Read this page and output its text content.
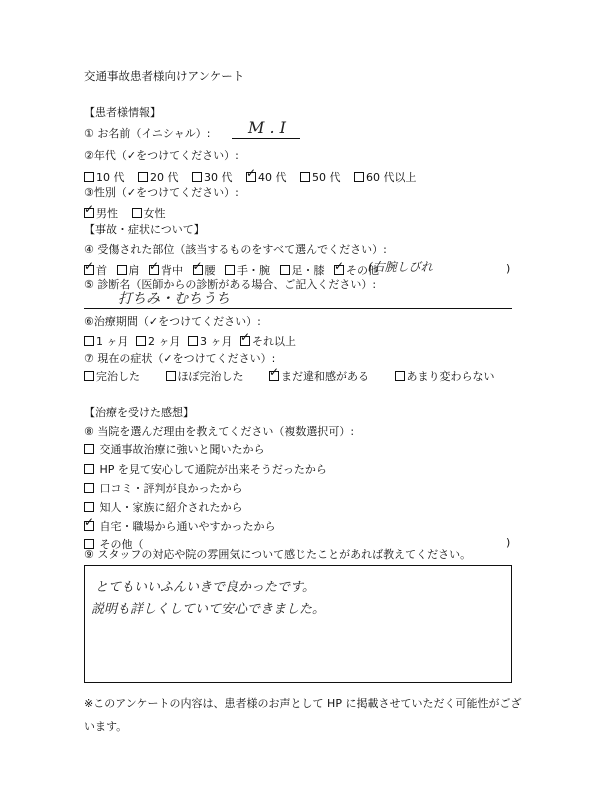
交通事故患者様向けアンケート
【患者様情報】
① お名前（イニシャル）: M . I
②年代（✓をつけてください）:
10 代 20 代 30 代 ✓ 40 代 50 代 60 代以上
③性別（✓をつけてください）:
✓ 男性 女性
【事故・症状について】
④ 受傷された部位（該当するものをすべて選んでください）:
✓ 首 肩 ✓ 背中 ✓ 腰 手・腕 足・膝 ✓ その他
(右腕しびれ	)
⑤ 診断名（医師からの診断がある場合、ご記入ください）:
打ちみ・むちうち
⑥治療期間（✓をつけてください）:
1 ヶ月 2 ヶ月 3 ヶ月 ✓ それ以上
⑦ 現在の症状（✓をつけてください）:
完治した	ほぼ完治した ✓ まだ違和感がある	あまり変わらない
【治療を受けた感想】
⑧ 当院を選んだ理由を教えてください（複数選択可）:
交通事故治療に強いと聞いたから
HP を見て安心して通院が出来そうだったから
口コミ・評判が良かったから
知人・家族に紹介されたから
✓ 自宅・職場から通いやすかったから
その他（	)
⑨ スタッフの対応や院の雰囲気について感じたことがあれば教えてください。
とてもいいふんいきで良かったです。
説明も詳しくしていて安心できました。
※このアンケートの内容は、患者様のお声として HP に掲載させていただく可能性がござ
います。
